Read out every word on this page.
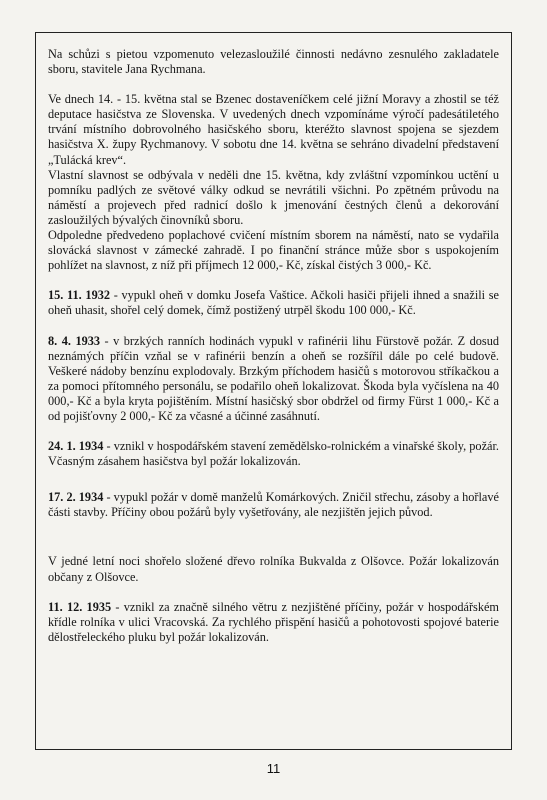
Na schůzi s pietou vzpomenuto velezasloužilé činnosti nedávno zesnulého zakladatele sboru, stavitele Jana Rychmana.

Ve dnech 14. - 15. května stal se Bzenec dostaveníčkem celé jižní Moravy a zhostil se též deputace hasičstva ze Slovenska. V uvedených dnech vzpomínáme výročí padesátiletého trvání místního dobrovolného hasičského sboru, kteréžto slavnost spojena se sjezdem hasičstva X. župy Rychmanovy. V sobotu dne 14. května se sehráno divadelní představení „Tulácká krev“.

Vlastní slavnost se odbývala v neděli dne 15. května, kdy zvláštní vzpomínkou uctění u pomníku padlých ze světové války odkud se nevrátili všichni. Po zpětném průvodu na náměstí a projevech před radnicí došlo k jmenování čestných členů a dekorování zasloužilých bývalých činovníků sboru.

Odpoledne předvedeno poplachové cvičení místním sborem na náměstí, nato se vydařila slovácká slavnost v zámecké zahradě. I po finanční stránce může sbor s uspokojením pohlížet na slavnost, z níž při příjmech 12 000,- Kč, získal čistých 3 000,- Kč.

15. 11. 1932 - vypukl oheň v domku Josefa Vaštice. Ačkoli hasiči přijeli ihned a snažili se oheň uhasit, shořel celý domek, čímž postižený utrpěl škodu 100 000,- Kč.

8. 4. 1933 - v brzkých ranních hodinách vypukl v rafinérii lihu Fürstově požár. Z dosud neznámých příčin vzňal se v rafinérii benzín a oheň se rozšířil dále po celé budově. Veškeré nádoby benzínu explodovaly. Brzkým příchodem hasičů s motorovou stříkačkou a za pomoci přítomného personálu, se podařilo oheň lokalizovat. Škoda byla vyčíslena na 40 000,- Kč a byla kryta pojištěním. Místní hasičský sbor obdržel od firmy Fürst 1 000,- Kč a od pojišťovny 2 000,- Kč za včasné a účinné zasáhnutí.

24. 1. 1934 - vznikl v hospodářském stavení zemědělsko-rolnickém a vinařské školy, požár. Včasným zásahem hasičstva byl požár lokalizován.

17. 2. 1934 - vypukl požár v domě manželů Komárkových. Zničil střechu, zásoby a hořlavé části stavby. Příčiny obou požárů byly vyšetřovány, ale nezjištěn jejich původ.

V jedné letní noci shořelo složené dřevo rolníka Bukvalda z Olšovce. Požár lokalizován občany z Olšovce.

11. 12. 1935 - vznikl za značně silného větru z nezjištěné příčiny, požár v hospodářském křídle rolníka v ulici Vracovská. Za rychlého přispění hasičů a pohotovosti spojové baterie dělostřeleckého pluku byl požár lokalizován.

11
